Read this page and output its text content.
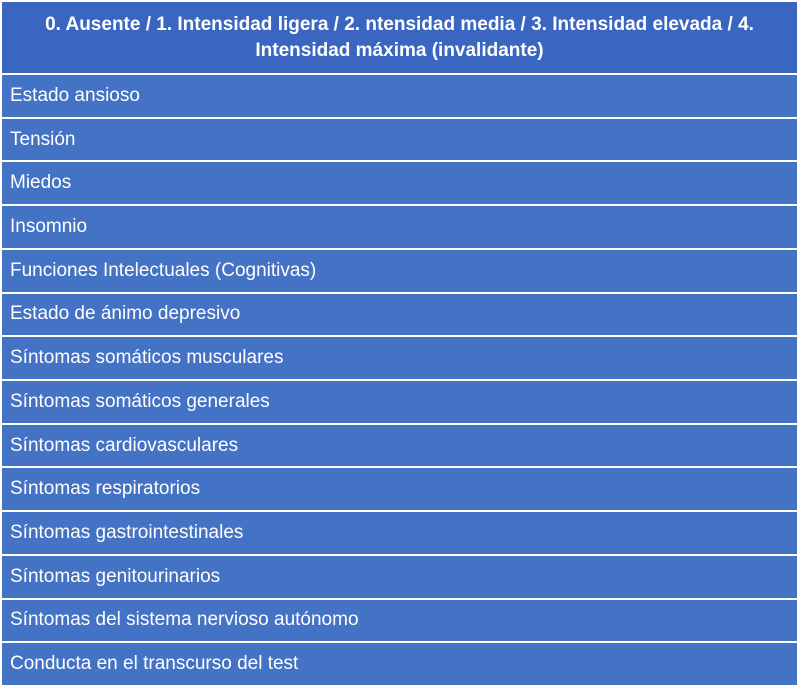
0. Ausente / 1. Intensidad ligera / 2. ntensidad media / 3. Intensidad elevada / 4. Intensidad máxima (invalidante)
Estado ansioso
Tensión
Miedos
Insomnio
Funciones Intelectuales (Cognitivas)
Estado de ánimo depresivo
Síntomas somáticos musculares
Síntomas somáticos generales
Síntomas cardiovasculares
Síntomas respiratorios
Síntomas gastrointestinales
Síntomas genitourinarios
Síntomas del sistema nervioso autónomo
Conducta en el transcurso del test
